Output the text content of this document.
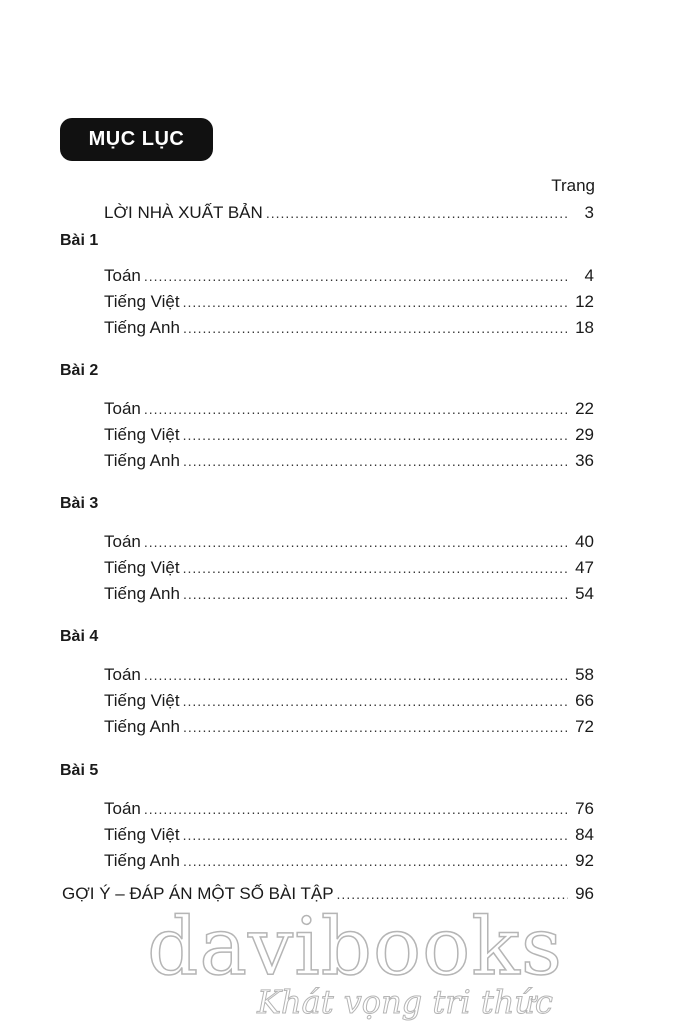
MỤC LỤC
Trang
LỜI NHÀ XUẤT BẢN .....	3
Bài 1
Toán .....	4
Tiếng Việt .....	12
Tiếng Anh .....	18
Bài 2
Toán .....	22
Tiếng Việt .....	29
Tiếng Anh .....	36
Bài 3
Toán .....	40
Tiếng Việt .....	47
Tiếng Anh .....	54
Bài 4
Toán .....	58
Tiếng Việt .....	66
Tiếng Anh .....	72
Bài 5
Toán .....	76
Tiếng Việt .....	84
Tiếng Anh .....	92
GỢI Ý – ĐÁP ÁN MỘT SỐ BÀI TẬP .....	96
davibooks
Khát vọng tri thức
